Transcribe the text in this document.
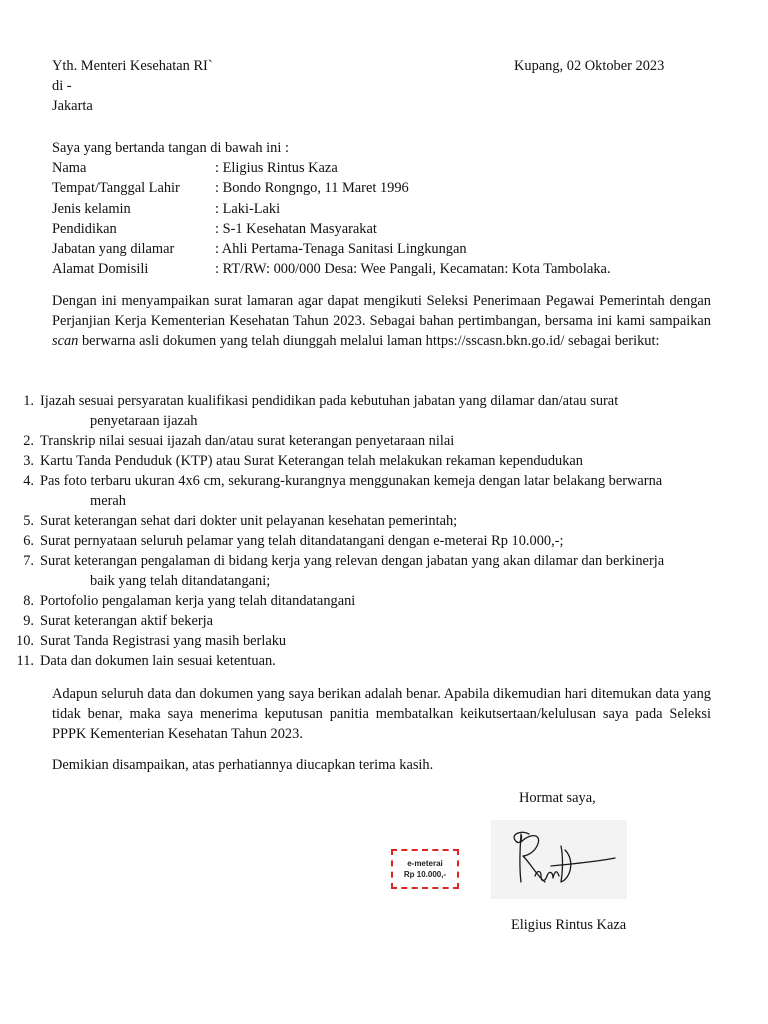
Yth. Menteri Kesehatan RI`
di -
Jakarta
Kupang, 02 Oktober 2023
Saya yang bertanda tangan di bawah ini :
Nama	: Eligius Rintus Kaza
Tempat/Tanggal Lahir	: Bondo Rongngo, 11 Maret 1996
Jenis kelamin	: Laki-Laki
Pendidikan	: S-1 Kesehatan Masyarakat
Jabatan yang dilamar	: Ahli Pertama-Tenaga Sanitasi Lingkungan
Alamat Domisili	: RT/RW: 000/000 Desa: Wee Pangali, Kecamatan: Kota Tambolaka.
Dengan ini menyampaikan surat lamaran agar dapat mengikuti Seleksi Penerimaan Pegawai Pemerintah dengan Perjanjian Kerja Kementerian Kesehatan Tahun 2023. Sebagai bahan pertimbangan, bersama ini kami sampaikan scan berwarna asli dokumen yang telah diunggah melalui laman https://sscasn.bkn.go.id/ sebagai berikut:
1. Ijazah sesuai persyaratan kualifikasi pendidikan pada kebutuhan jabatan yang dilamar dan/atau surat
penyetaraan ijazah
2. Transkrip nilai sesuai ijazah dan/atau surat keterangan penyetaraan nilai
3. Kartu Tanda Penduduk (KTP) atau Surat Keterangan telah melakukan rekaman kependudukan
4. Pas foto terbaru ukuran 4x6 cm, sekurang-kurangnya menggunakan kemeja dengan latar belakang berwarna
merah
5. Surat keterangan sehat dari dokter unit pelayanan kesehatan pemerintah;
6. Surat pernyataan seluruh pelamar yang telah ditandatangani dengan e-meterai Rp 10.000,-;
7. Surat keterangan pengalaman di bidang kerja yang relevan dengan jabatan yang akan dilamar dan berkinerja
baik yang telah ditandatangani;
8. Portofolio pengalaman kerja yang telah ditandatangani
9. Surat keterangan aktif bekerja
10. Surat Tanda Registrasi yang masih berlaku
11. Data dan dokumen lain sesuai ketentuan.
Adapun seluruh data dan dokumen yang saya berikan adalah benar. Apabila dikemudian hari ditemukan data yang tidak benar, maka saya menerima keputusan panitia membatalkan keikutsertaan/kelulusan saya pada Seleksi PPPK Kementerian Kesehatan Tahun 2023.
Demikian disampaikan, atas perhatiannya diucapkan terima kasih.
Hormat saya,
e-meterai
Rp 10.000,-
Eligius Rintus Kaza
